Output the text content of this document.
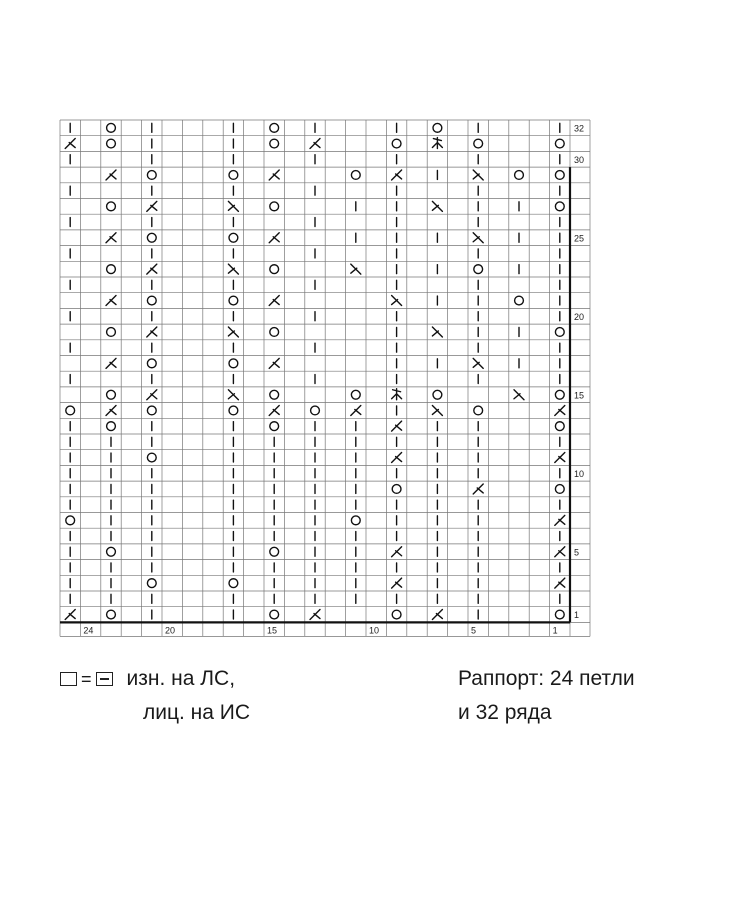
1
5
10
15
20
25
30
32
24	20	15	10	5	1
= изн. на ЛС,
лиц. на ИС
Раппорт: 24 петли
и 32 ряда
